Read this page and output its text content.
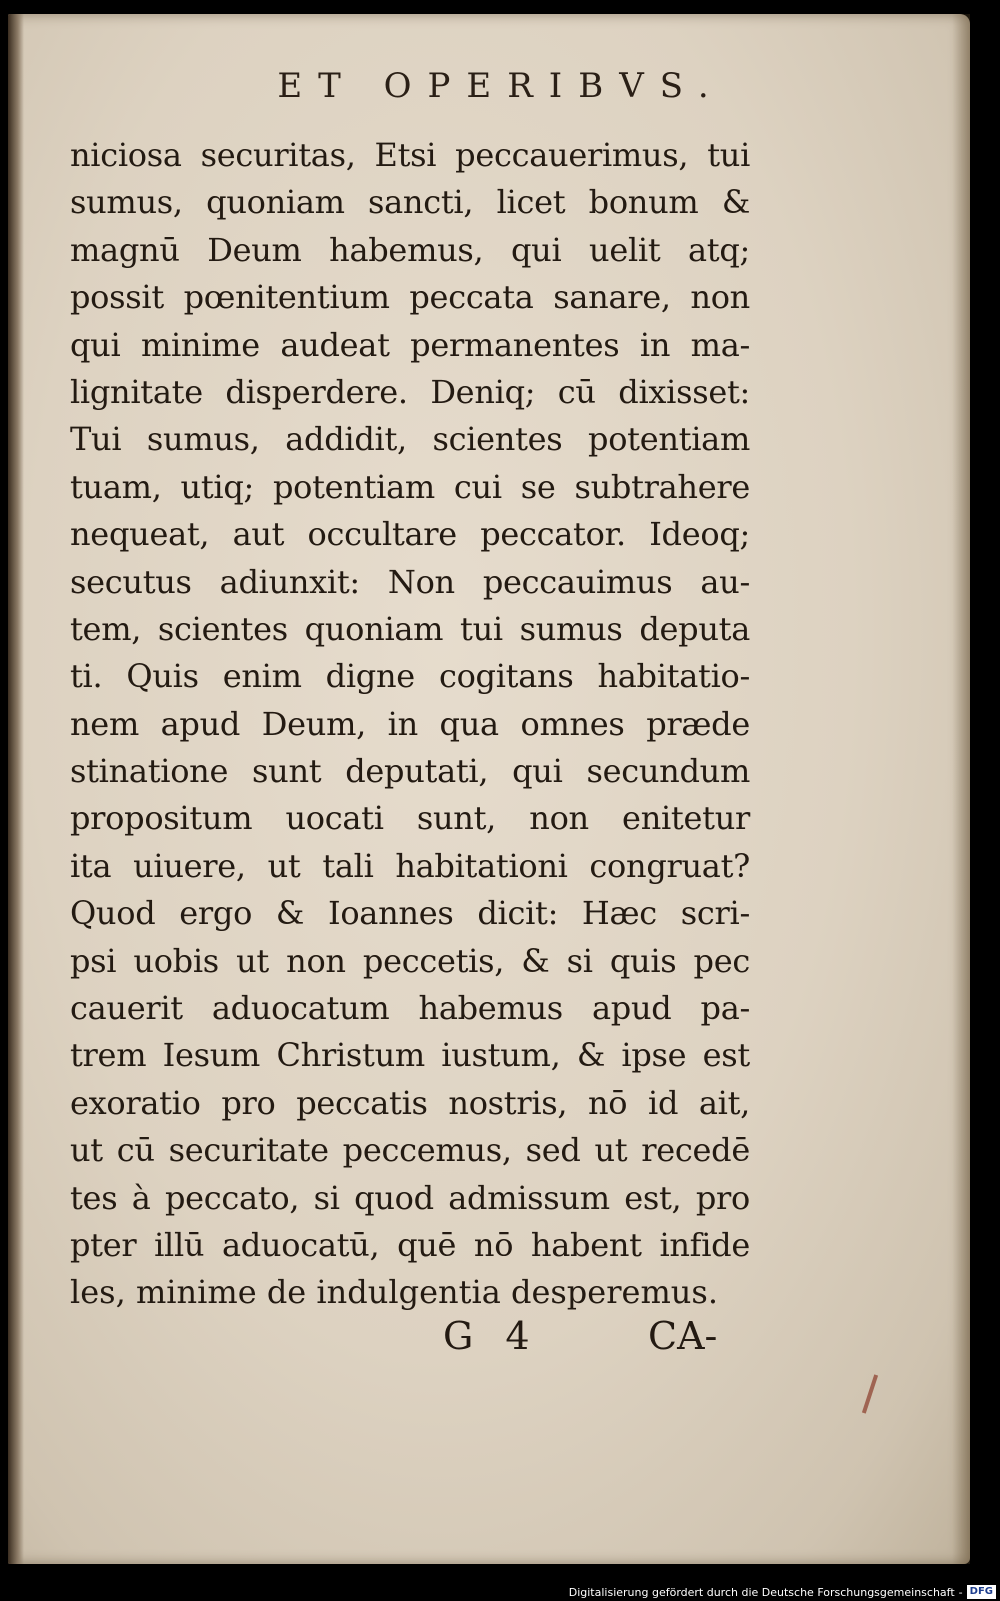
ET OPERIBVS.
niciosa securitas, Etsi peccauerimus, tui
sumus, quoniam sancti, licet bonum &
magnū Deum habemus, qui uelit atq;
possit pœnitentium peccata sanare, non
qui minime audeat permanentes in ma-
lignitate disperdere. Deniq; cū dixisset:
Tui sumus, addidit, scientes potentiam
tuam, utiq; potentiam cui se subtrahere
nequeat, aut occultare peccator. Ideoq;
secutus adiunxit: Non peccauimus au-
tem, scientes quoniam tui sumus deputa
ti. Quis enim digne cogitans habitatio-
nem apud Deum, in qua omnes præde
stinatione sunt deputati, qui secundum
propositum uocati sunt, non enitetur
ita uiuere, ut tali habitationi congruat?
Quod ergo & Ioannes dicit: Hæc scri-
psi uobis ut non peccetis, & si quis pec
cauerit aduocatum habemus apud pa-
trem Iesum Christum iustum, & ipse est
exoratio pro peccatis nostris, nō id ait,
ut cū securitate peccemus, sed ut recedē
tes à peccato, si quod admissum est, pro
pter illū aduocatū, quē nō habent infide
les, minime de indulgentia desperemus.
G 4	CA-
Digitalisierung gefördert durch die Deutsche Forschungsgemeinschaft - DFG
